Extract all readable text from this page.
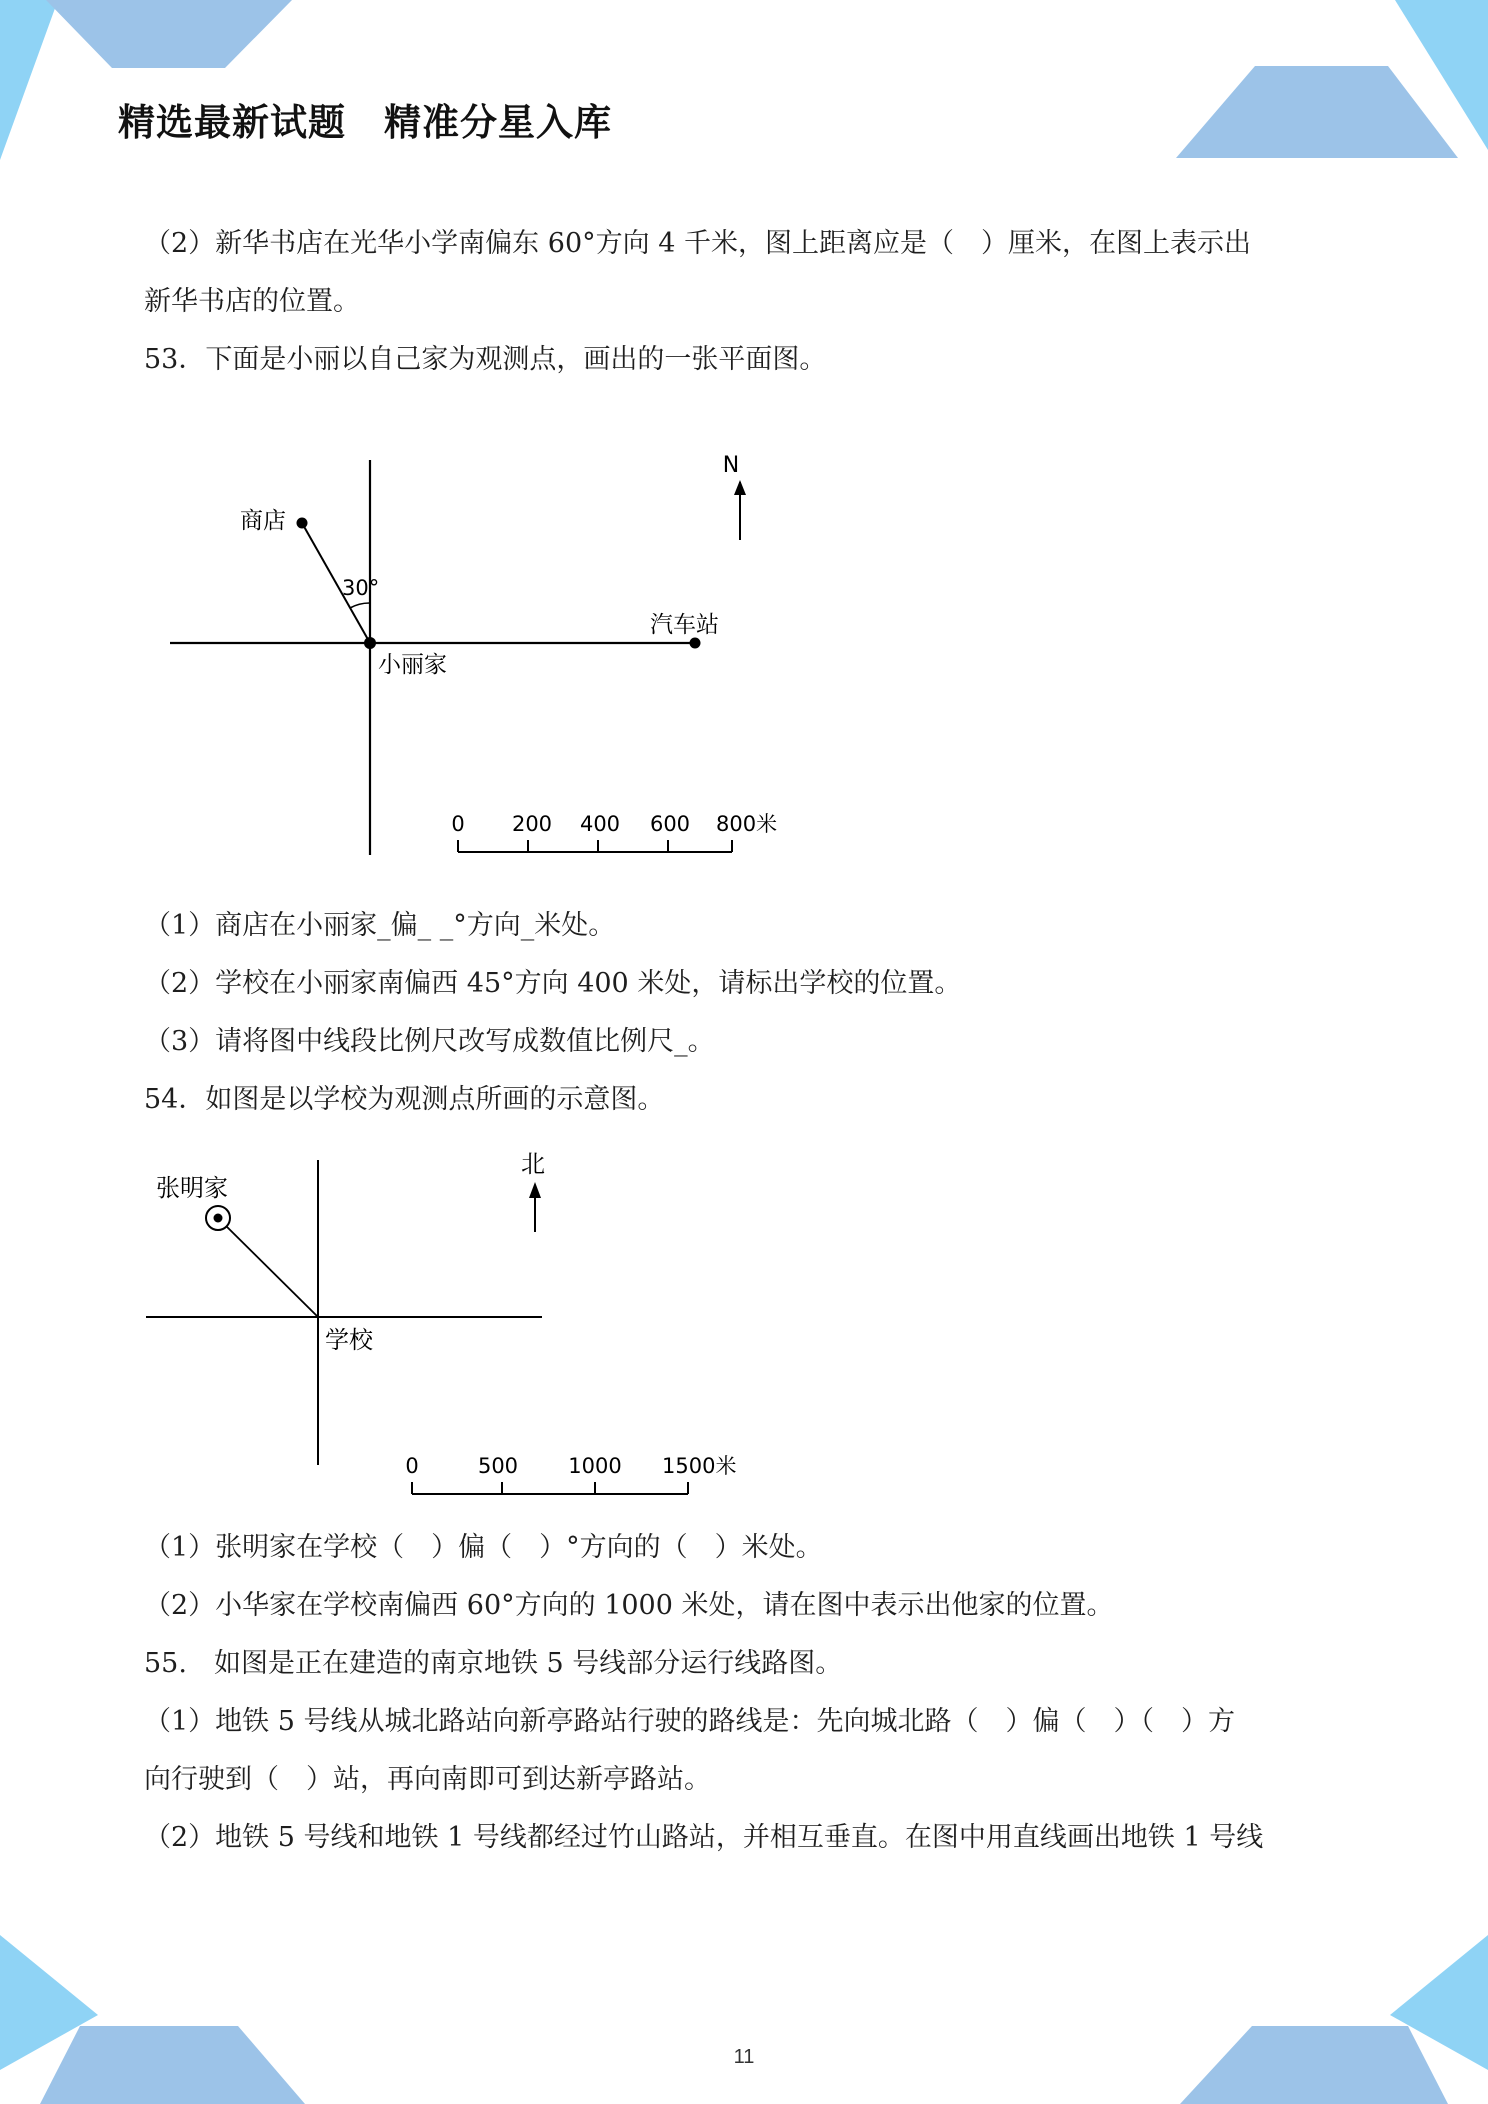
精选最新试题　精准分星入库
（2）新华书店在光华小学南偏东 60°方向 4 千米，图上距离应是（　）厘米，在图上表示出
新华书店的位置。
53．下面是小丽以自己家为观测点，画出的一张平面图。
商店
30°
小丽家
汽车站
N
0 200 400 600 800米
（1）商店在小丽家_偏_ _°方向_米处。
（2）学校在小丽家南偏西 45°方向 400 米处，请标出学校的位置。
（3）请将图中线段比例尺改写成数值比例尺_。
54．如图是以学校为观测点所画的示意图。
张明家
学校
北
0	500 1000 1500米
（1）张明家在学校（　）偏（　）°方向的（　）米处。
（2）小华家在学校南偏西 60°方向的 1000 米处，请在图中表示出他家的位置。
55.　如图是正在建造的南京地铁 5 号线部分运行线路图。
（1）地铁 5 号线从城北路站向新亭路站行驶的路线是：先向城北路（　）偏（　）（　）方
向行驶到（　）站，再向南即可到达新亭路站。
（2）地铁 5 号线和地铁 1 号线都经过竹山路站，并相互垂直。在图中用直线画出地铁 1 号线
11
